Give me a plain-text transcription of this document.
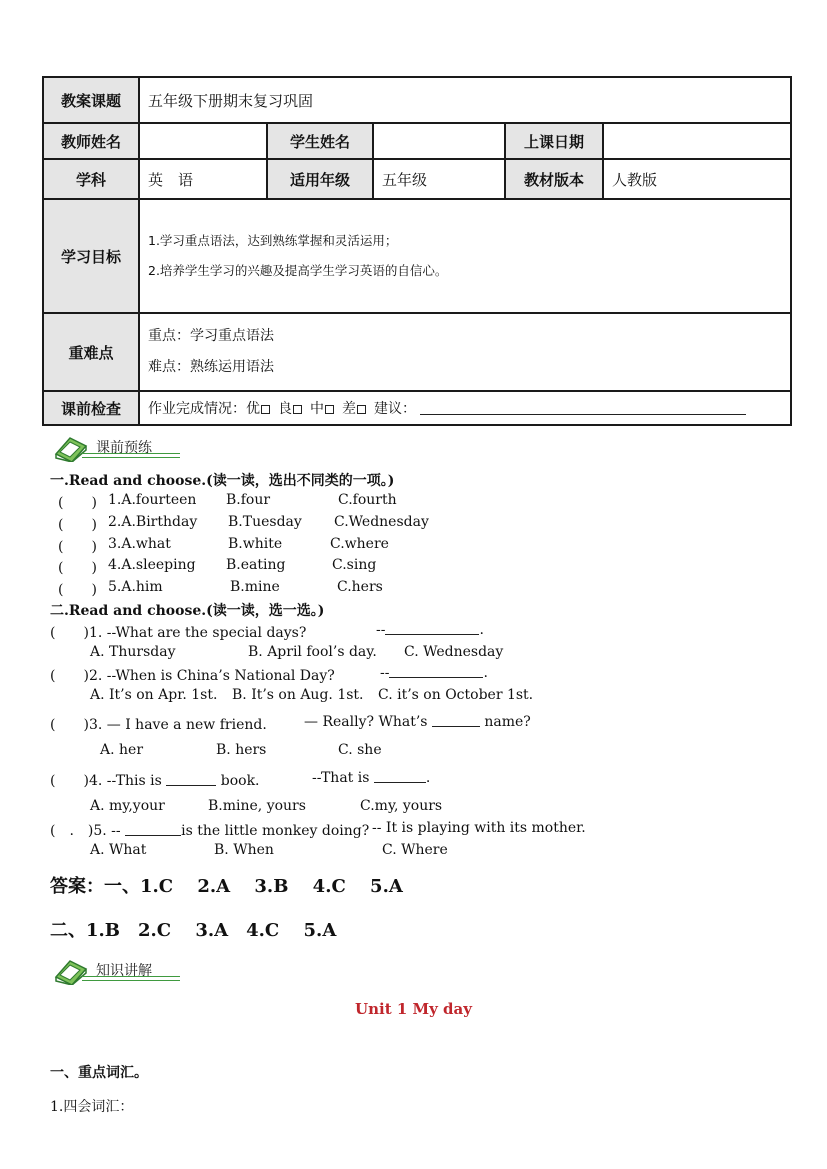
教案课题	五年级下册期末复习巩固				
教师姓名		学生姓名		上课日期	
学科	英　语	适用年级	五年级	教材版本	人教版
学习目标	1.学习重点语法，达到熟练掌握和灵活运用；
2.培养学生学习的兴趣及提高学生学习英语的自信心。				

重难点	重点：学习重点语法
难点：熟练运用语法				

课前检查	作业完成情况：优 良 中 差 建议：				
课前预练
一.Read and choose.(读一读，选出不同类的一项。)
(　　) 1.A.fourteen B.four	C.fourth
(　　) 2.A.Birthday B.Tuesday C.Wednesday
(　　) 3.A.what	B.white	C.where
(　　) 4.A.sleeping B.eating	C.sing
(　　) 5.A.him	B.mine	C.hers
二.Read and choose.(读一读，选一选。)
(　　)1. --What are the special days?	--	.
A. Thursday	B. April fool’s day. C. Wednesday
(　　)2. --When is China’s National Day?	--	.
A. It’s on Apr. 1st. B. It’s on Aug. 1st. C. it’s on October 1st.
(　　)3. — I have a new friend.	— Really? What’s	name?
A. her	B. hers	C. she
(　　)4. --This is	book.	--That is	.
A. my,your	B.mine, yours	C.my, yours
(　.　)5. --	is the little monkey doing? -- It is playing with its mother.
A. What	B. When	C. Where
答案：一、1.C　 2.A　 3.B　 4.C　 5.A
二、1.B　2.C　 3.A　4.C　 5.A
知识讲解
Unit 1 My day
一、重点词汇。
1.四会词汇：
